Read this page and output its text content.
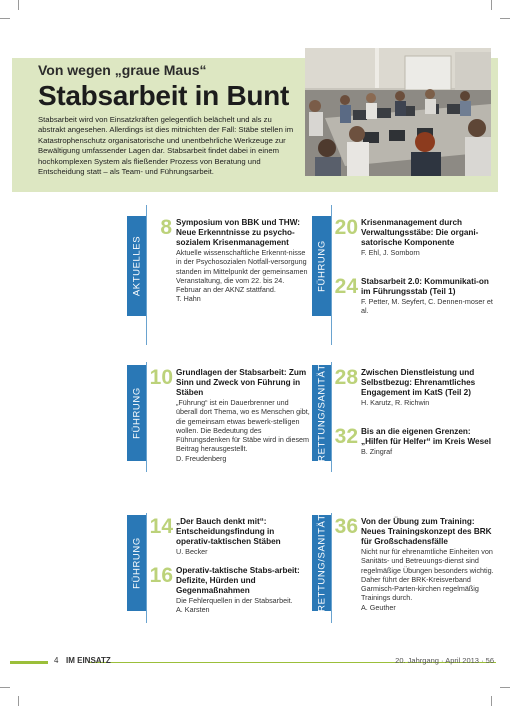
Von wegen „graue Maus“
Stabsarbeit in Bunt
Stabsarbeit wird von Einsatzkräften gelegentlich belächelt und als zu abstrakt angesehen. Allerdings ist dies mitnichten der Fall: Stäbe stellen im Katastrophenschutz organisatorische und unentbehrliche Werkzeuge zur Bewältigung umfassender Lagen dar. Stabsarbeit findet dabei in einem hochkomplexen System als fließender Prozess von Beratung und Entscheidung statt – als Team- und Führungsarbeit.
AKTUELLES	FÜHRUNG
FÜHRUNG	RETTUNG/SANITÄT
FÜHRUNG	RETTUNG/SANITÄT
8 Symposium von BBK und THW: Neue Erkenntnisse zu psycho-sozialem Krisenmanagement
Aktuelle wissenschaftliche Erkennt-nisse in der Psychosozialen Notfall-versorgung standen im Mittelpunkt der gemeinsamen Veranstaltung, die vom 22. bis 24. Februar an der AKNZ stattfand.
T. Hahn
20 Krisenmanagement durch Verwaltungsstäbe: Die organi-satorische Komponente
F. Ehl, J. Somborn
24 Stabsarbeit 2.0: Kommunikati-on im Führungsstab (Teil 1)
F. Petter, M. Seyfert, C. Dennen-moser et al.
10 Grundlagen der Stabsarbeit: Zum Sinn und Zweck von Führung in Stäben
„Führung“ ist ein Dauerbrenner und überall dort Thema, wo es Menschen gibt, die gemeinsam etwas bewerk-stelligen wollen. Die Bedeutung des Führungsdenken für Stäbe wird in diesem Beitrag herausgestellt.
D. Freudenberg
28 Zwischen Dienstleistung und Selbstbezug: Ehrenamtliches Engagement im KatS (Teil 2)
H. Karutz, R. Richwin
32 Bis an die eigenen Grenzen: „Hilfen für Helfer“ im Kreis Wesel
B. Zingraf
14 „Der Bauch denkt mit“: Entscheidungsfindung in operativ-taktischen Stäben
U. Becker
16 Operativ-taktische Stabs-arbeit: Defizite, Hürden und Gegenmaßnahmen
Die Fehlerquellen in der Stabsarbeit.
A. Karsten
36 Von der Übung zum Training: Neues Trainingskonzept des BRK für Großschadensfälle
Nicht nur für ehrenamtliche Einheiten von Sanitäts- und Betreuungs-dienst sind regelmäßige Übungen besonders wichtig. Daher führt der BRK-Kreisverband Garmisch-Parten-kirchen regelmäßig Trainings durch.
A. Geuther
4 IM EINSATZ	20. Jahrgang · April 2013 · 56
